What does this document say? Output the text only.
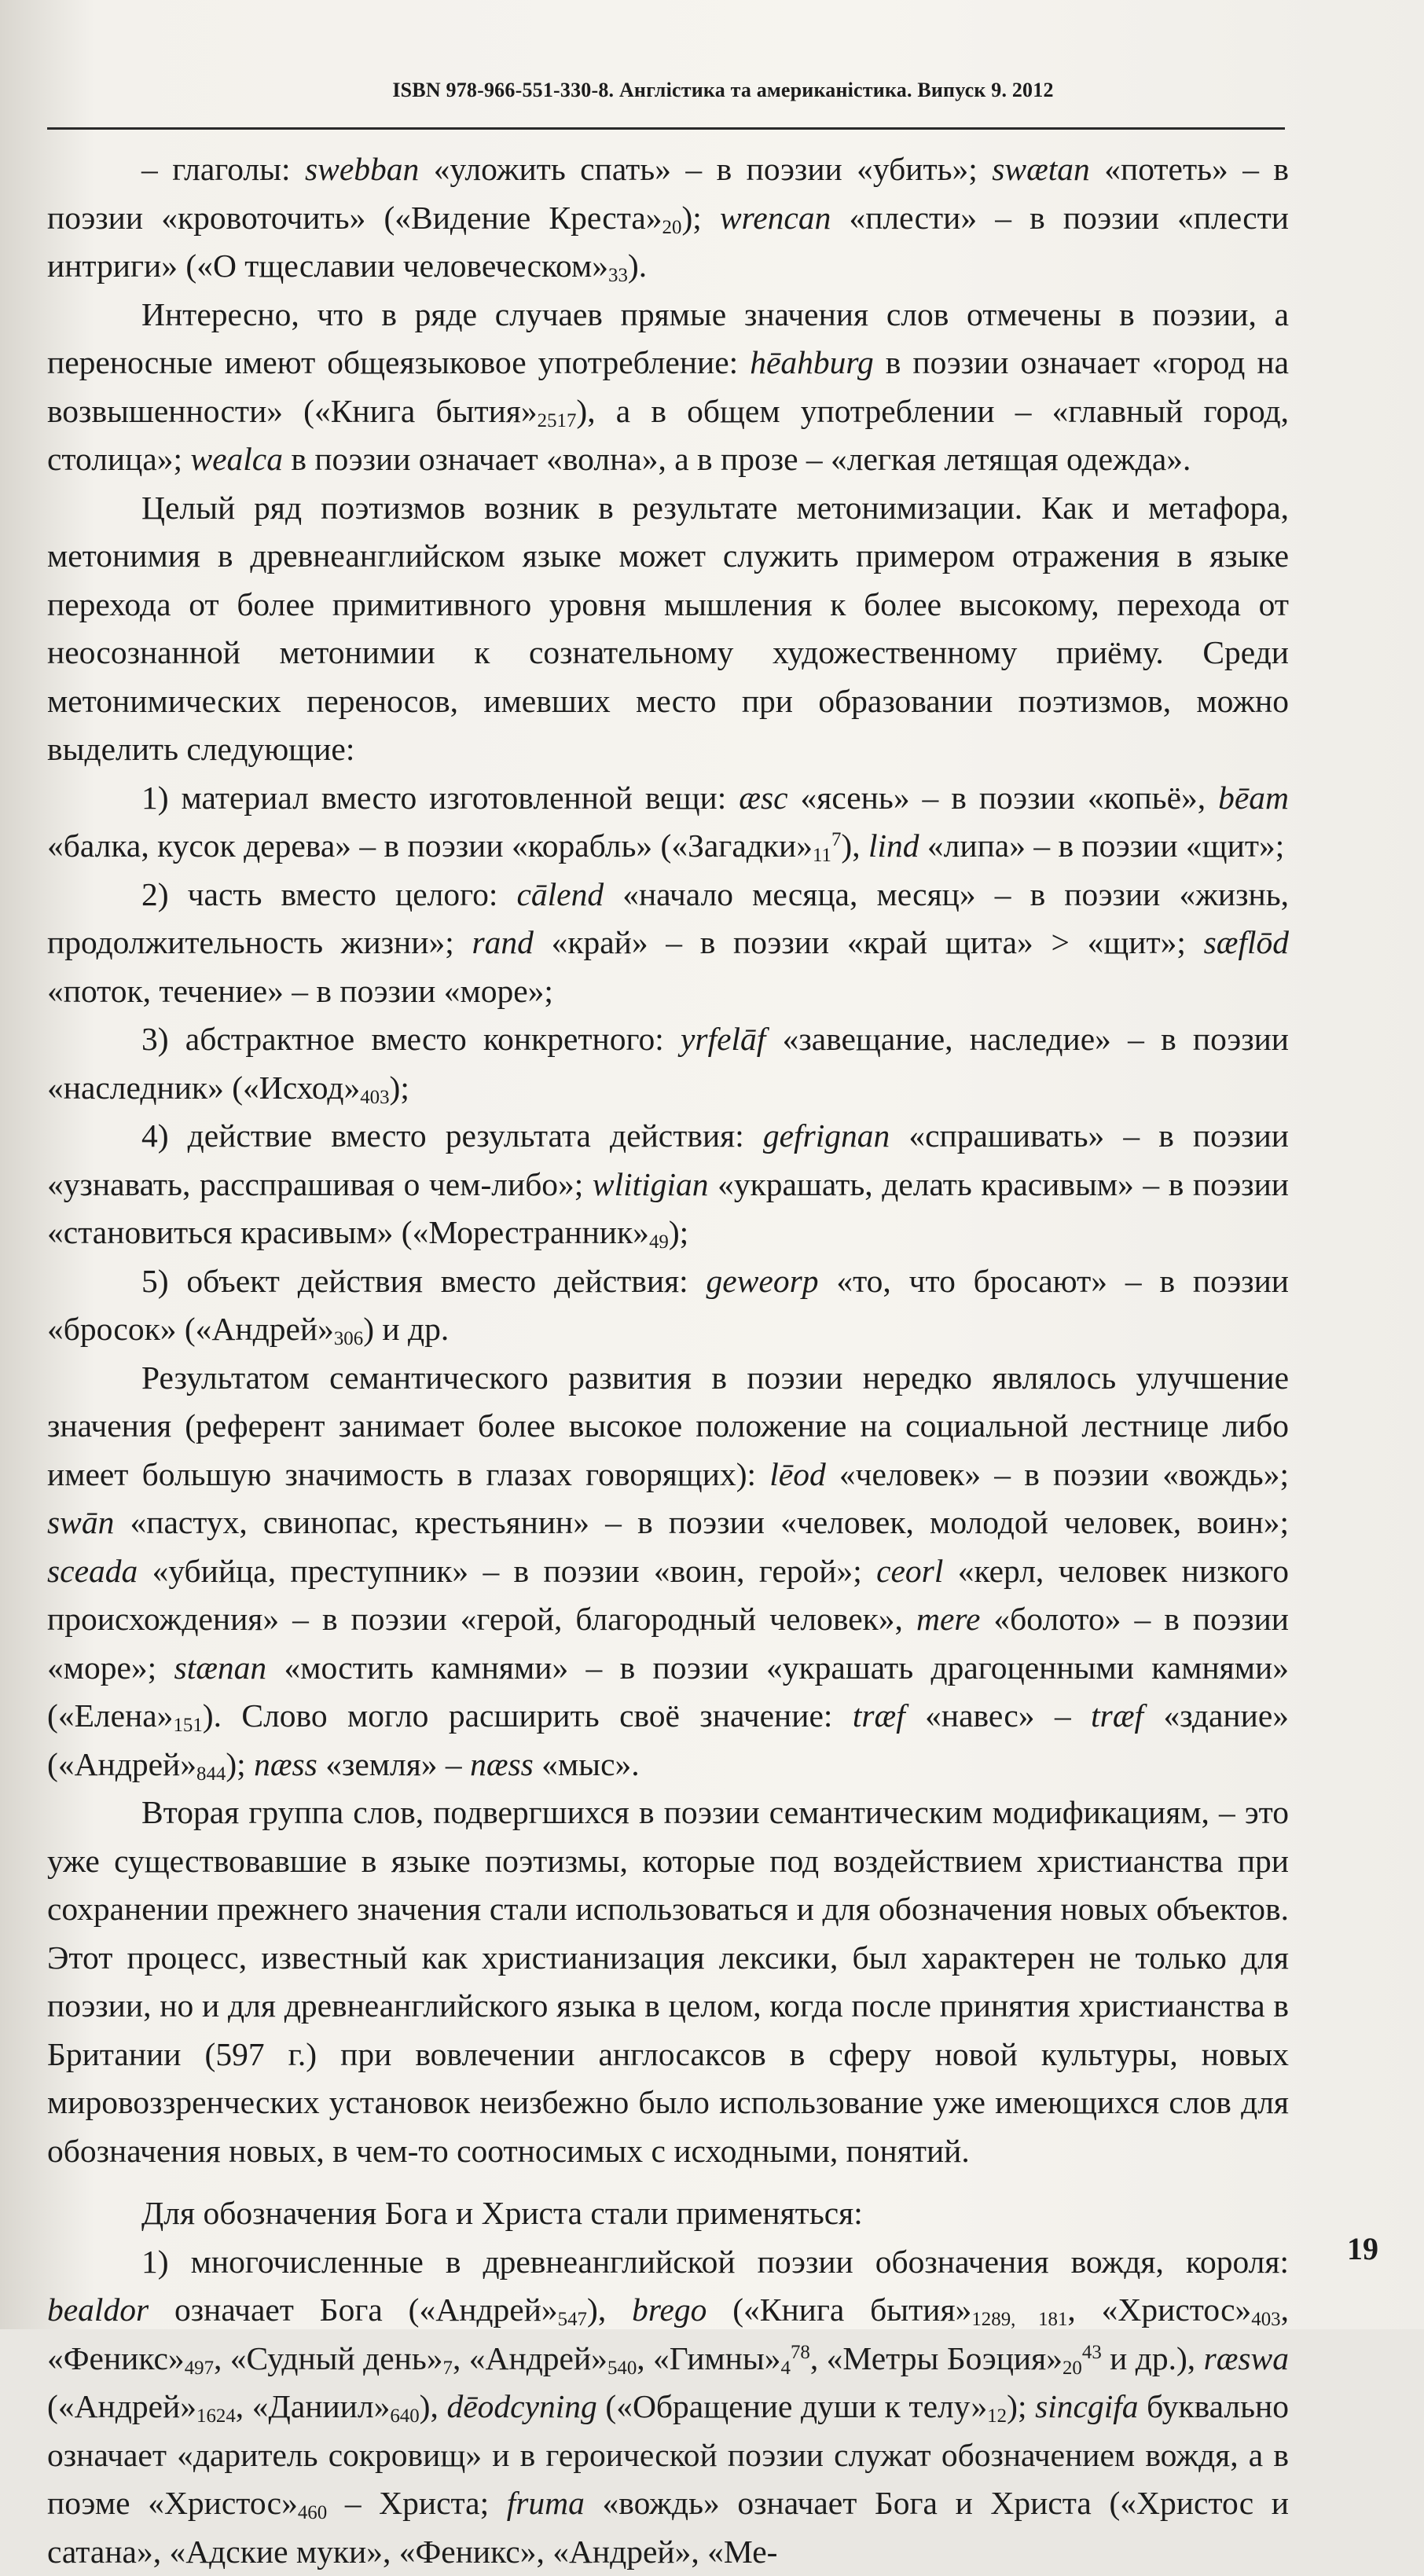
ISBN 978-966-551-330-8. Англістика та американістика. Випуск 9. 2012

– глаголы: swebban «уложить спать» – в поэзии «убить»; swætan «потеть» – в поэзии «кровоточить» («Видение $Креста»_{20}$); wrencan «плести» – в поэзии «плести интриги» («О тщеславии $человеческом»_{33}$).

Интересно, что в ряде случаев прямые значения слов отмечены в поэзии, а переносные имеют общеязыковое употребление: hēahburg в поэзии означает «город на возвышенности» («Книга $бытия»_{2517}$), а в общем употреблении – «главный город, столица»; wealca в поэзии означает «волна», а в прозе – «легкая летящая одежда».

Целый ряд поэтизмов возник в результате метонимизации. Как и метафора, метонимия в древнеанглийском языке может служить примером отражения в языке перехода от более примитивного уровня мышления к более высокому, перехода от неосознанной метонимии к сознательному художественному приёму. Среди метонимических переносов, имевших место при образовании поэтизмов, можно выделить следующие:

1) материал вместо изготовленной вещи: æsc «ясень» – в поэзии «копьё», bēam «балка, кусок дерева» – в поэзии «корабль» $(«Загадки»_{11}^7)$, lind «липа» – в поэзии «щит»;

2) часть вместо целого: cālend «начало месяца, месяц» – в поэзии «жизнь, продолжительность жизни»; rand «край» – в поэзии «край щита» > «щит»; sæflōd «поток, течение» – в поэзии «море»;

3) абстрактное вместо конкретного: yrfelāf «завещание, наследие» – в поэзии «наследник» $(«Исход»_{403})$;

4) действие вместо результата действия: gefrignan «спрашивать» – в поэзии «узнавать, расспрашивая о чем-либо»; wlitigian «украшать, делать красивым» – в поэзии «становиться красивым» $(«Морестранник»_{49})$;

5) объект действия вместо действия: geweorp «то, что бросают» – в поэзии «бросок» $(«Андрей»_{306})$ и др.

Результатом семантического развития в поэзии нередко являлось улучшение значения (референт занимает более высокое положение на социальной лестнице либо имеет большую значимость в глазах говорящих): lēod «человек» – в поэзии «вождь»; swān «пастух, свинопас, крестьянин» – в поэзии «человек, молодой человек, воин»; sceada «убийца, преступник» – в поэзии «воин, герой»; ceorl «керл, человек низкого происхождения» – в поэзии «герой, благородный человек», mere «болото» – в поэзии «море»; stænan «мостить камнями» – в поэзии «украшать драгоценными камнями» $(«Елена»_{151})$. Слово могло расширить своё значение: træf «навес» – træf «здание» $(«Андрей»_{844})$; næss «земля» – næss «мыс».

Вторая группа слов, подвергшихся в поэзии семантическим модификациям, – это уже существовавшие в языке поэтизмы, которые под воздействием христианства при сохранении прежнего значения стали использоваться и для обозначения новых объектов. Этот процесс, известный как христианизация лексики, был характерен не только для поэзии, но и для древнеанглийского языка в целом, когда после принятия христианства в Британии (597 г.) при вовлечении англосаксов в сферу новой культуры, новых мировоззренческих установок неизбежно было использование уже имеющихся слов для обозначения новых, в чем-то соотносимых с исходными, понятий.

Для обозначения Бога и Христа стали применяться:

1) многочисленные в древнеанглийской поэзии обозначения вождя, короля: bealdor означает Бога $(«Андрей»_{547})$, brego («Книга $бытия»_{1289, 181}$, «$Христос»_{403}$, «$Феникс»_{497}$, «Судный $день»_7$, «$Андрей»_{540}$, «$Гимны»_4^{78}$, «Метры $Боэция»_{20}^{43}$ и др.), ræswa («$Андрей»_{1624}$, «$Даниил»_{640}$), dēodcyning («Обращение души к $телу»_{12}$); sincgifa буквально означает «даритель сокровищ» и в героической поэзии служат обозначением вождя, а в поэме «$Христос»_{460}$ – Христа; fruma «вождь» означает Бога и Христа («Христос и сатана», «Адские муки», «Феникс», «Андрей», «Ме-

19
